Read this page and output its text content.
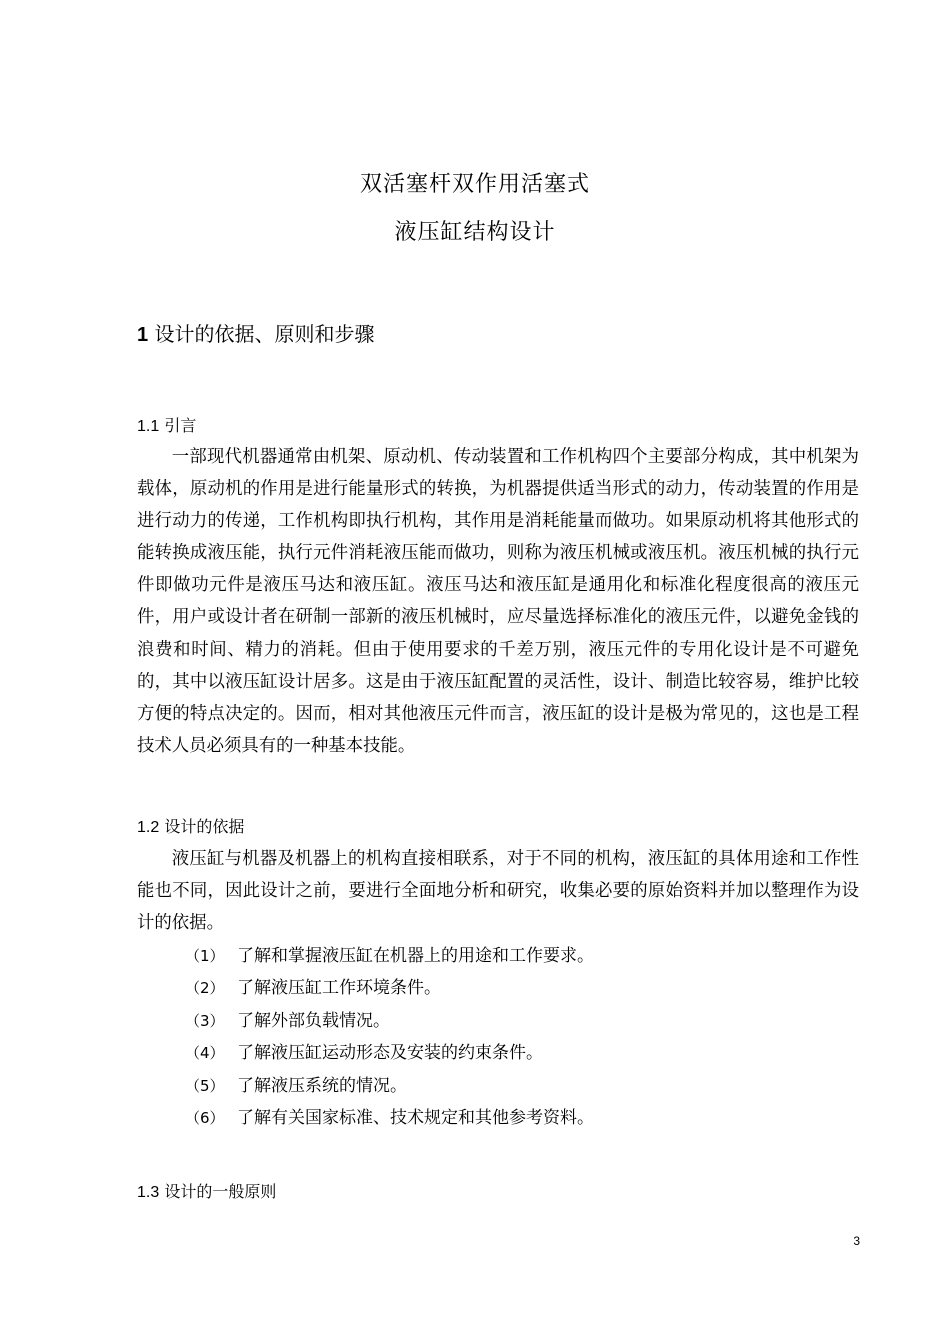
双活塞杆双作用活塞式
液压缸结构设计
1 设计的依据、原则和步骤
1.1 引言

一部现代机器通常由机架、原动机、传动装置和工作机构四个主要部分构成，其中机架为载体，原动机的作用是进行能量形式的转换，为机器提供适当形式的动力，传动装置的作用是进行动力的传递，工作机构即执行机构，其作用是消耗能量而做功。如果原动机将其他形式的能转换成液压能，执行元件消耗液压能而做功，则称为液压机械或液压机。液压机械的执行元件即做功元件是液压马达和液压缸。液压马达和液压缸是通用化和标准化程度很高的液压元件，用户或设计者在研制一部新的液压机械时，应尽量选择标准化的液压元件，以避免金钱的浪费和时间、精力的消耗。但由于使用要求的千差万别，液压元件的专用化设计是不可避免的，其中以液压缸设计居多。这是由于液压缸配置的灵活性，设计、制造比较容易，维护比较方便的特点决定的。因而，相对其他液压元件而言，液压缸的设计是极为常见的，这也是工程技术人员必须具有的一种基本技能。

1.2 设计的依据

液压缸与机器及机器上的机构直接相联系，对于不同的机构，液压缸的具体用途和工作性能也不同，因此设计之前，要进行全面地分析和研究，收集必要的原始资料并加以整理作为设计的依据。

（1） 了解和掌握液压缸在机器上的用途和工作要求。
（2） 了解液压缸工作环境条件。
（3） 了解外部负载情况。
（4） 了解液压缸运动形态及安装的约束条件。
（5） 了解液压系统的情况。
（6） 了解有关国家标准、技术规定和其他参考资料。
1.3 设计的一般原则
3
